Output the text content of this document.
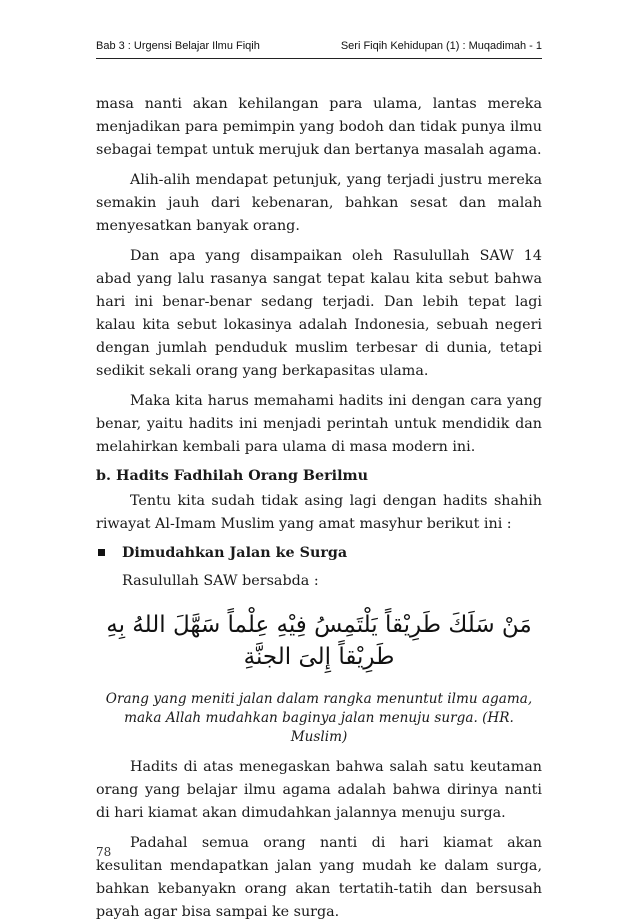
Bab 3 : Urgensi Belajar Ilmu Fiqih	Seri Fiqih Kehidupan (1) : Muqadimah - 1

masa nanti akan kehilangan para ulama, lantas mereka menjadikan para pemimpin yang bodoh dan tidak punya ilmu sebagai tempat untuk merujuk dan bertanya masalah agama.

Alih-alih mendapat petunjuk, yang terjadi justru mereka semakin jauh dari kebenaran, bahkan sesat dan malah menyesatkan banyak orang.

Dan apa yang disampaikan oleh Rasulullah SAW 14 abad yang lalu rasanya sangat tepat kalau kita sebut bahwa hari ini benar-benar sedang terjadi. Dan lebih tepat lagi kalau kita sebut lokasinya adalah Indonesia, sebuah negeri dengan jumlah penduduk muslim terbesar di dunia, tetapi sedikit sekali orang yang berkapasitas ulama.

Maka kita harus memahami hadits ini dengan cara yang benar, yaitu hadits ini menjadi perintah untuk mendidik dan melahirkan kembali para ulama di masa modern ini.

b. Hadits Fadhilah Orang Berilmu

Tentu kita sudah tidak asing lagi dengan hadits shahih riwayat Al-Imam Muslim yang amat masyhur berikut ini :

Dimudahkan Jalan ke Surga
Rasulullah SAW bersabda :
مَنْ سَلَكَ طَرِيْقاً يَلْتَمِسُ فِيْهِ عِلْماً سَهَّلَ اللهُ بِهِ طَرِيْقاً إِلىَ الجنَّةِ
Orang yang meniti jalan dalam rangka menuntut ilmu agama,
maka Allah mudahkan baginya jalan menuju surga. (HR. Muslim)

Hadits di atas menegaskan bahwa salah satu keutaman orang yang belajar ilmu agama adalah bahwa dirinya nanti di hari kiamat akan dimudahkan jalannya menuju surga.

Padahal semua orang nanti di hari kiamat akan kesulitan mendapatkan jalan yang mudah ke dalam surga, bahkan kebanyakn orang akan tertatih-tatih dan bersusah payah agar bisa sampai ke surga.

78
